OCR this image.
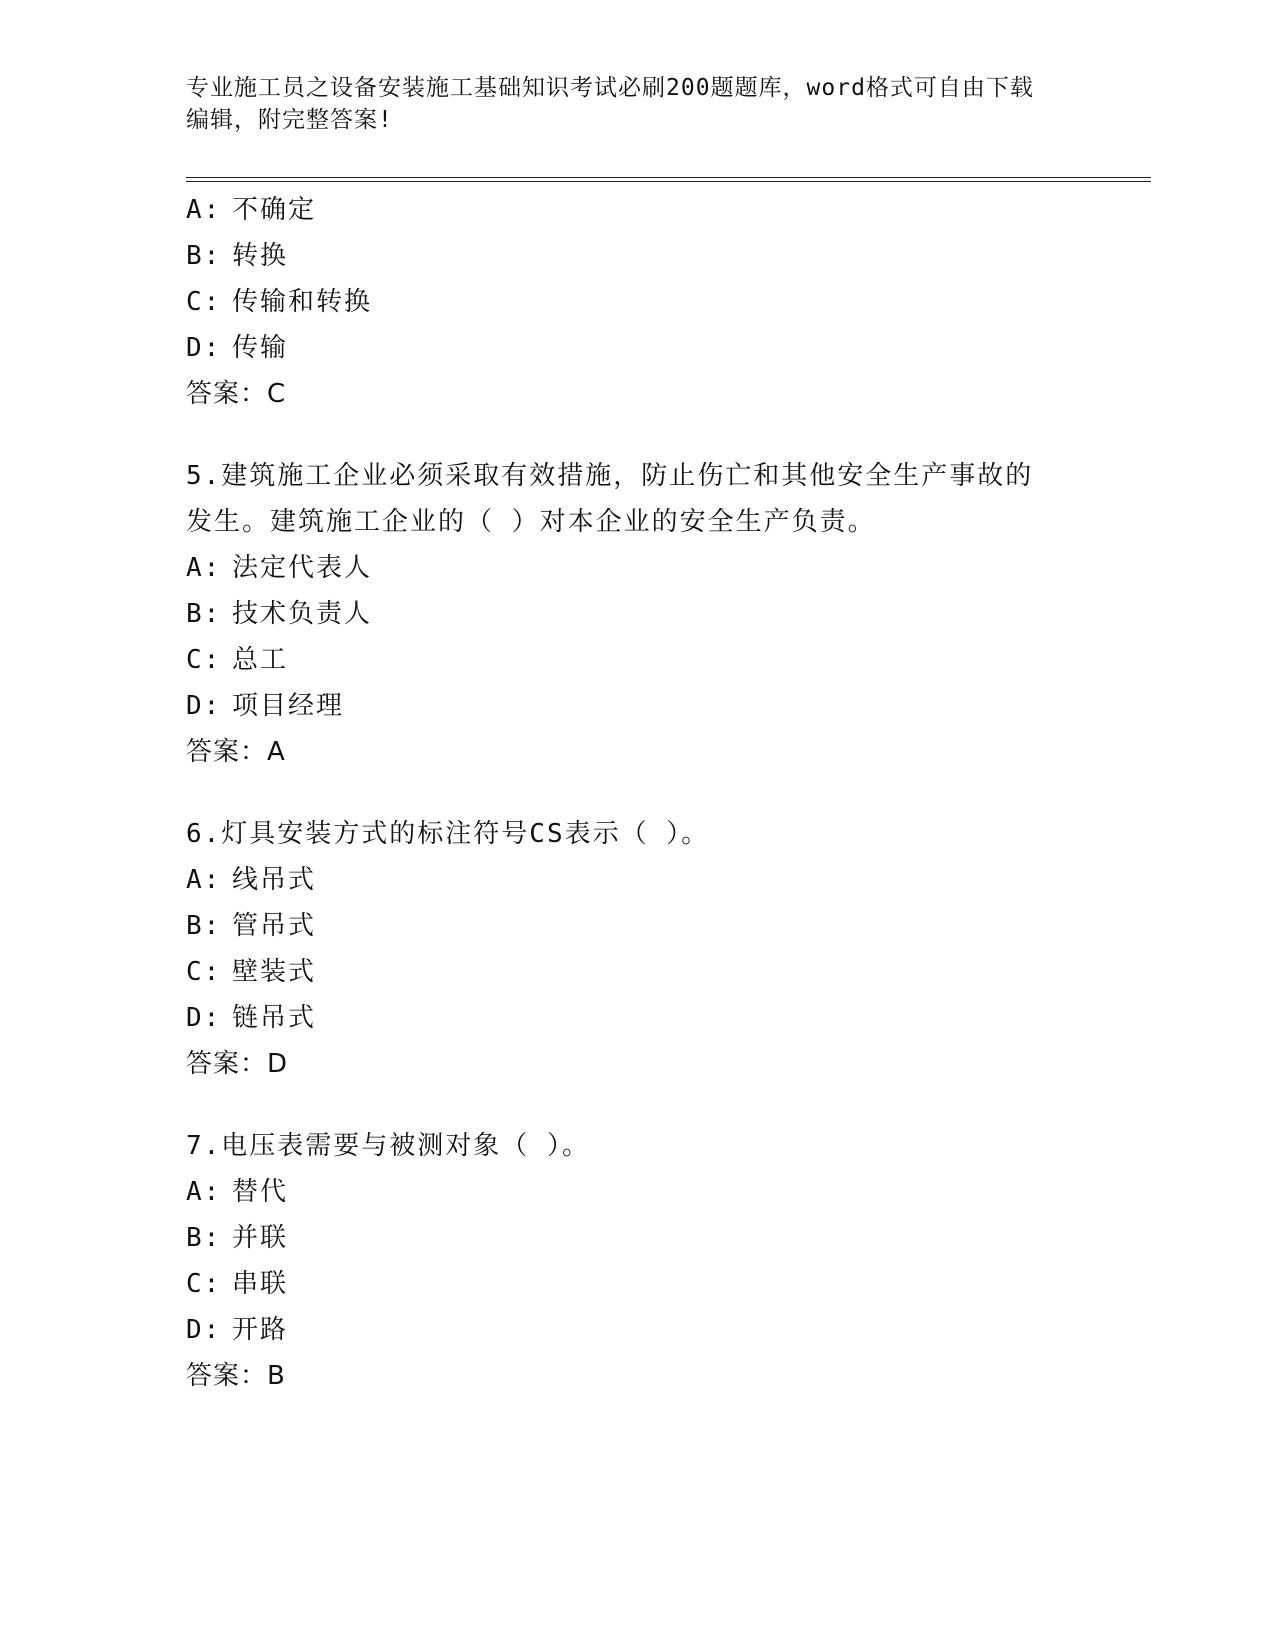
专业施工员之设备安装施工基础知识考试必刷200题题库，word格式可自由下载
编辑，附完整答案!
A: 不确定
B: 转换
C: 传输和转换
D: 传输
答案：C
5.建筑施工企业必须采取有效措施，防止伤亡和其他安全生产事故的
发生。建筑施工企业的（ ）对本企业的安全生产负责。
A: 法定代表人
B: 技术负责人
C: 总工
D: 项目经理
答案：A
6.灯具安装方式的标注符号CS表示（ ）。
A: 线吊式
B: 管吊式
C: 壁装式
D: 链吊式
答案：D
7.电压表需要与被测对象（ ）。
A: 替代
B: 并联
C: 串联
D: 开路
答案：B
